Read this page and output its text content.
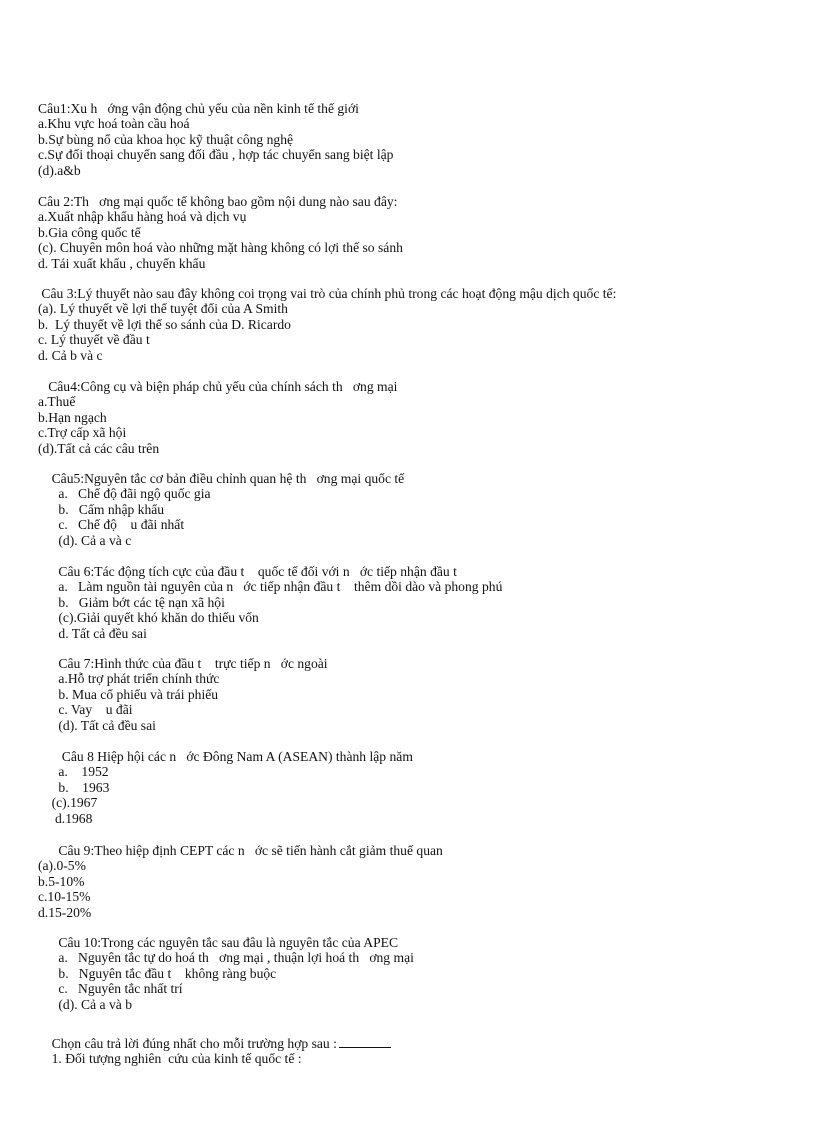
Câu1:Xu h   ớng vận động chủ yếu của nền kinh tế thế giới
a.Khu vực hoá toàn cầu hoá
b.Sự bùng nổ của khoa học kỹ thuật công nghệ
c.Sự đối thoại chuyển sang đối đầu , hợp tác chuyển sang biệt lập
(d).a&b
Câu 2:Th   ơng mại quốc tế không bao gồm nội dung nào sau đây:
a.Xuất nhập khẩu hàng hoá và dịch vụ
b.Gia công quốc tế
(c). Chuyên môn hoá vào những mặt hàng không có lợi thế so sánh
d. Tái xuất khẩu , chuyển khẩu
Câu 3:Lý thuyết nào sau đây không coi trọng vai trò của chính phủ trong các hoạt động mậu dịch quốc tế:
(a). Lý thuyết về lợi thế tuyệt đối của A Smith
b.  Lý thuyết về lợi thế so sánh của D. Ricardo
c. Lý thuyết về đầu t
d. Cả b và c
Câu4:Công cụ và biện pháp chủ yếu của chính sách th   ơng mại
a.Thuế
b.Hạn ngạch
c.Trợ cấp xã hội
(d).Tất cả các câu trên
Câu5:Nguyên tắc cơ bản điều chỉnh quan hệ th   ơng mại quốc tế
a.   Chế độ đãi ngộ quốc gia
b.   Cấm nhập khẩu
c.   Chế độ    u đãi nhất
(d). Cả a và c
Câu 6:Tác động tích cực của đầu t    quốc tế đối với n   ớc tiếp nhận đầu t
a.   Làm nguồn tài nguyên của n   ớc tiếp nhận đầu t    thêm dồi dào và phong phú
b.   Giảm bớt các tệ nạn xã hội
(c).Giải quyết khó khăn do thiếu vốn
d. Tất cả đều sai
Câu 7:Hình thức của đầu t    trực tiếp n   ớc ngoài
a.Hỗ trợ phát triển chính thức
b. Mua cổ phiếu và trái phiếu
c. Vay    u đãi
(d). Tất cả đều sai
Câu 8 Hiệp hội các n   ớc Đông Nam A (ASEAN) thành lập năm
a.    1952
b.    1963
(c).1967
d.1968
Câu 9:Theo hiệp định CEPT các n   ớc sẽ tiến hành cắt giảm thuế quan
(a).0-5%
b.5-10%
c.10-15%
d.15-20%
Câu 10:Trong các nguyên tắc sau đâu là nguyên tắc của APEC
a.   Nguyên tắc tự do hoá th   ơng mại , thuận lợi hoá th   ơng mại
b.   Nguyên tắc đầu t    không ràng buộc
c.   Nguyên tắc nhất trí
(d). Cả a và b
Chọn câu trả lời đúng nhất cho mỗi trường hợp sau :
1. Đối tượng nghiên  cứu của kinh tế quốc tế :
